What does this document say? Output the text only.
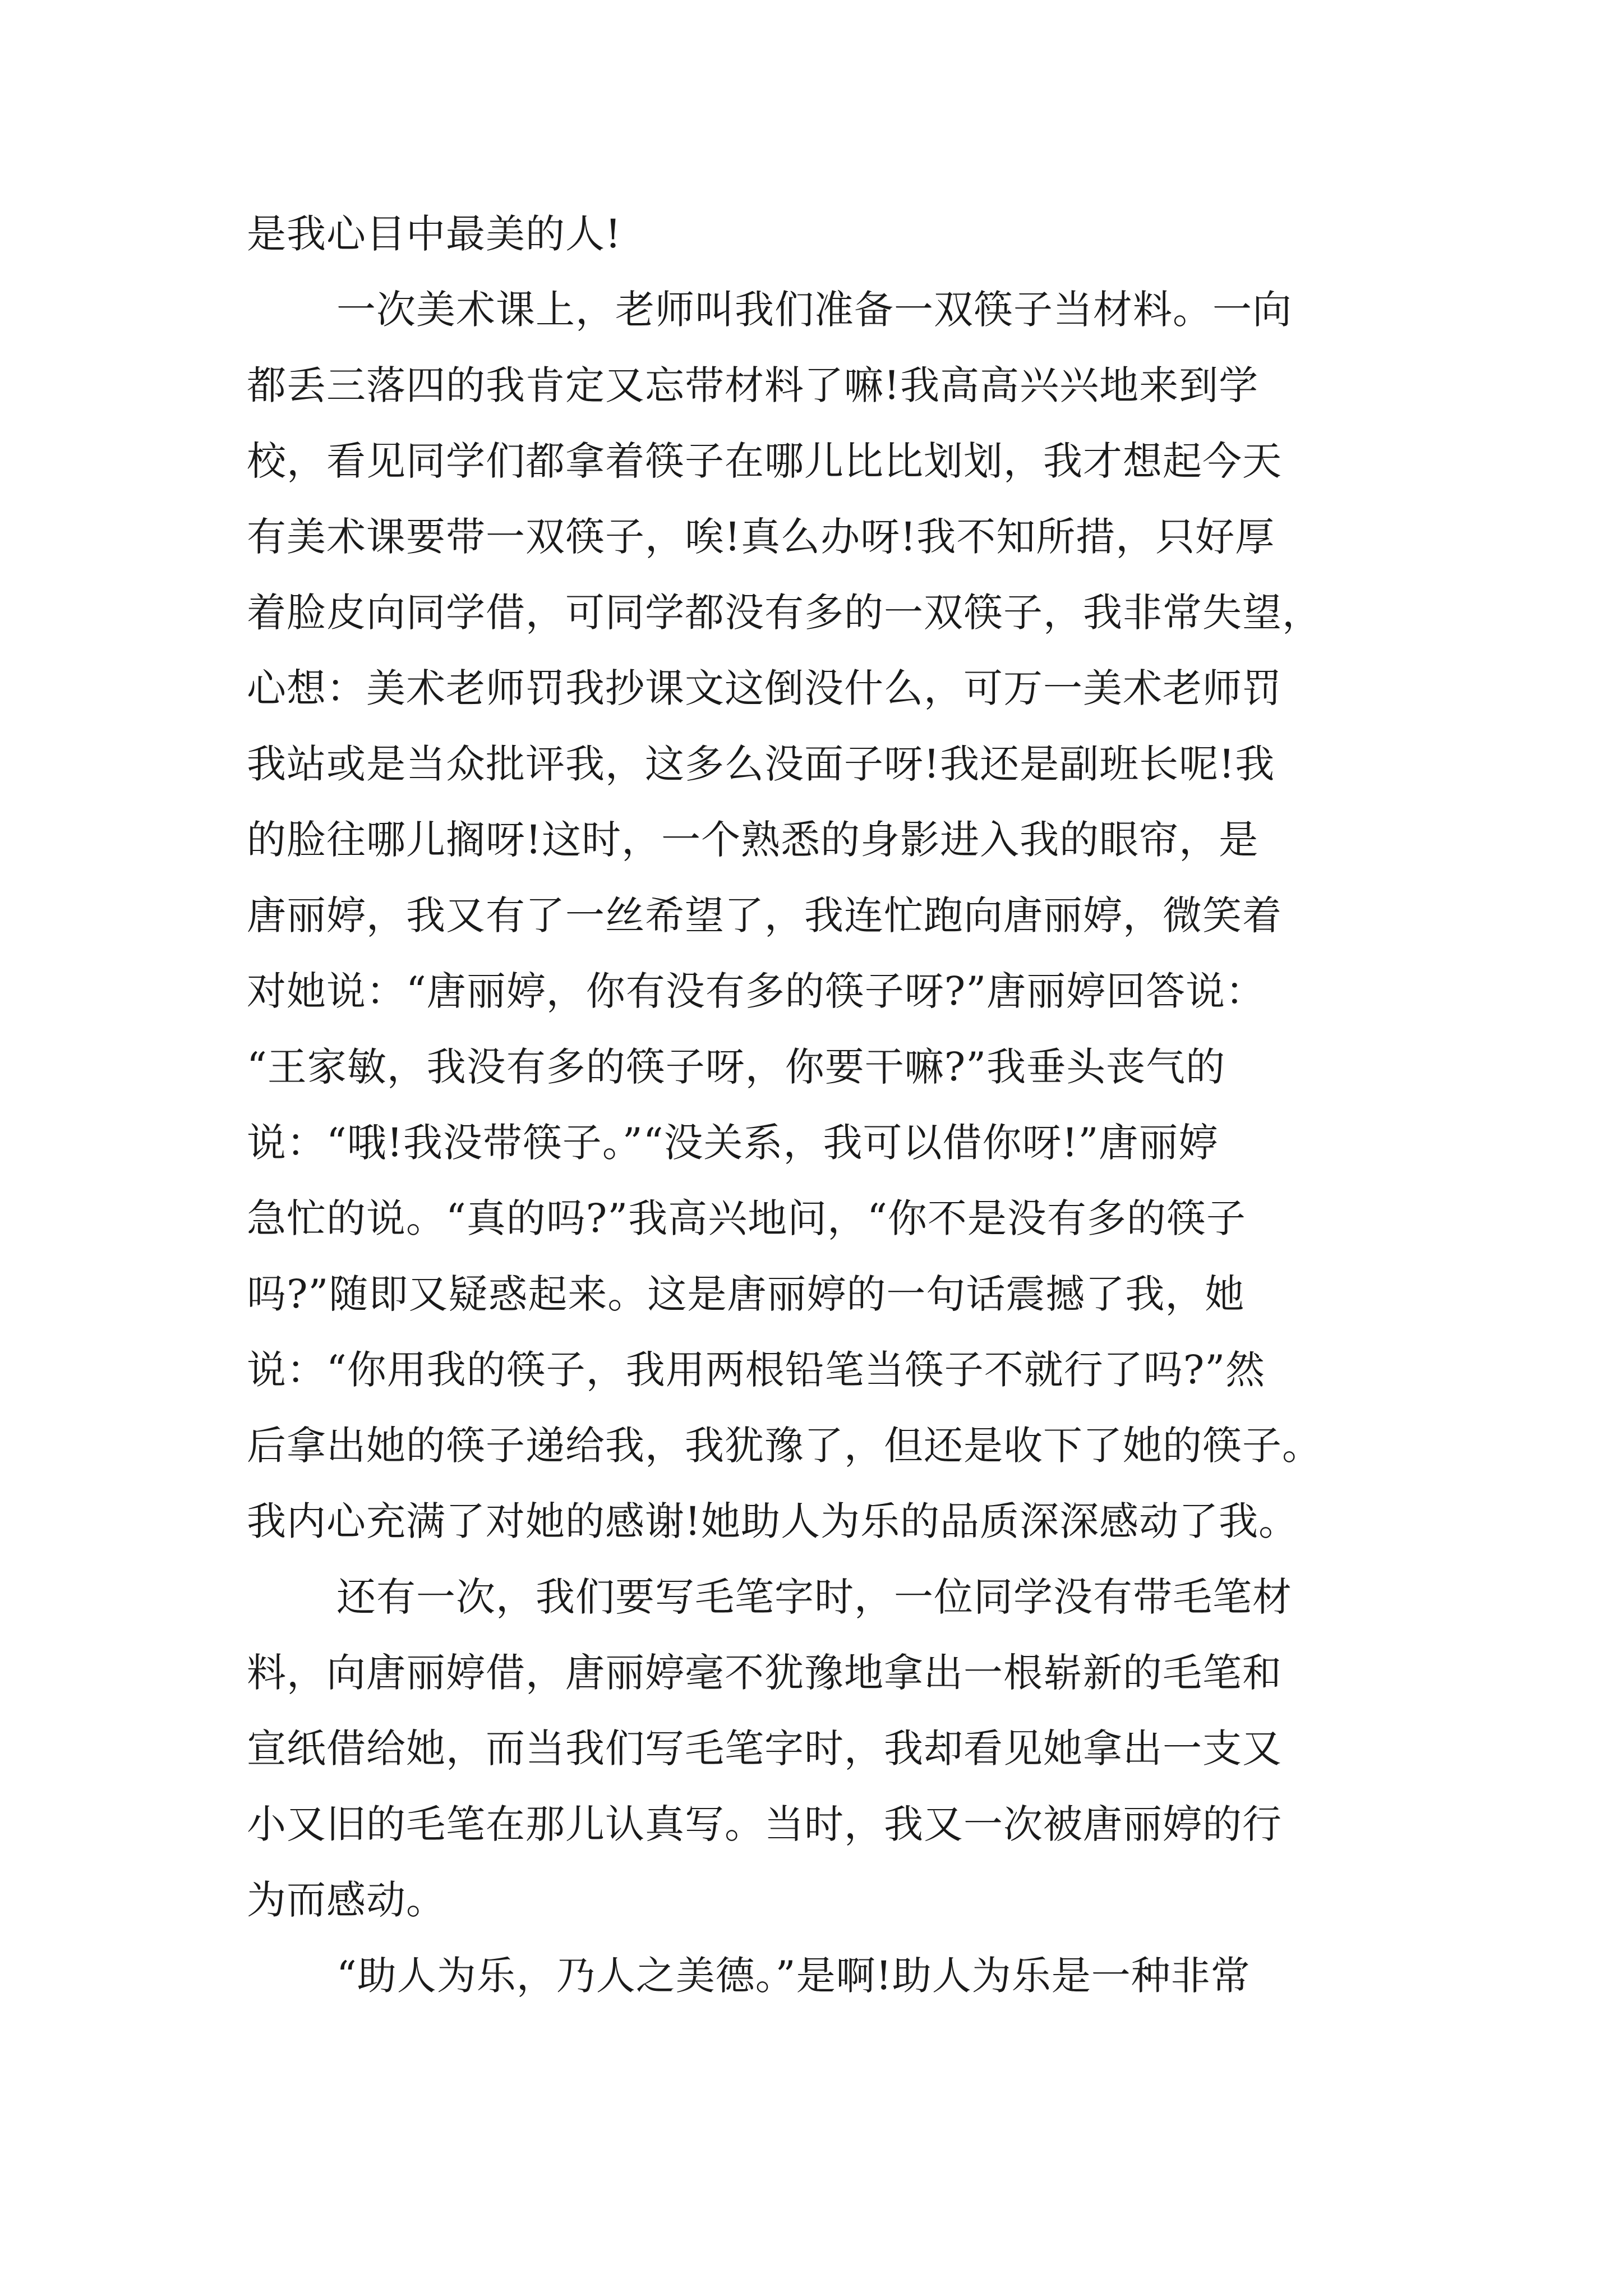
是我心目中最美的人!
一次美术课上，老师叫我们准备一双筷子当材料。一向
都丢三落四的我肯定又忘带材料了嘛!我高高兴兴地来到学
校，看见同学们都拿着筷子在哪儿比比划划，我才想起今天
有美术课要带一双筷子，唉!真么办呀!我不知所措，只好厚
着脸皮向同学借，可同学都没有多的一双筷子，我非常失望，
心想：美术老师罚我抄课文这倒没什么，可万一美术老师罚
我站或是当众批评我，这多么没面子呀!我还是副班长呢!我
的脸往哪儿搁呀!这时，一个熟悉的身影进入我的眼帘，是
唐丽婷，我又有了一丝希望了，我连忙跑向唐丽婷，微笑着
对她说：“唐丽婷，你有没有多的筷子呀?”唐丽婷回答说：
“王家敏，我没有多的筷子呀，你要干嘛?”我垂头丧气的
说：“哦!我没带筷子。”“没关系，我可以借你呀!”唐丽婷
急忙的说。“真的吗?”我高兴地问，“你不是没有多的筷子
吗?”随即又疑惑起来。这是唐丽婷的一句话震撼了我，她
说：“你用我的筷子，我用两根铅笔当筷子不就行了吗?”然
后拿出她的筷子递给我，我犹豫了，但还是收下了她的筷子。
我内心充满了对她的感谢!她助人为乐的品质深深感动了我。
还有一次，我们要写毛笔字时，一位同学没有带毛笔材
料，向唐丽婷借，唐丽婷毫不犹豫地拿出一根崭新的毛笔和
宣纸借给她，而当我们写毛笔字时，我却看见她拿出一支又
小又旧的毛笔在那儿认真写。当时，我又一次被唐丽婷的行
为而感动。
“助人为乐，乃人之美德。”是啊!助人为乐是一种非常
